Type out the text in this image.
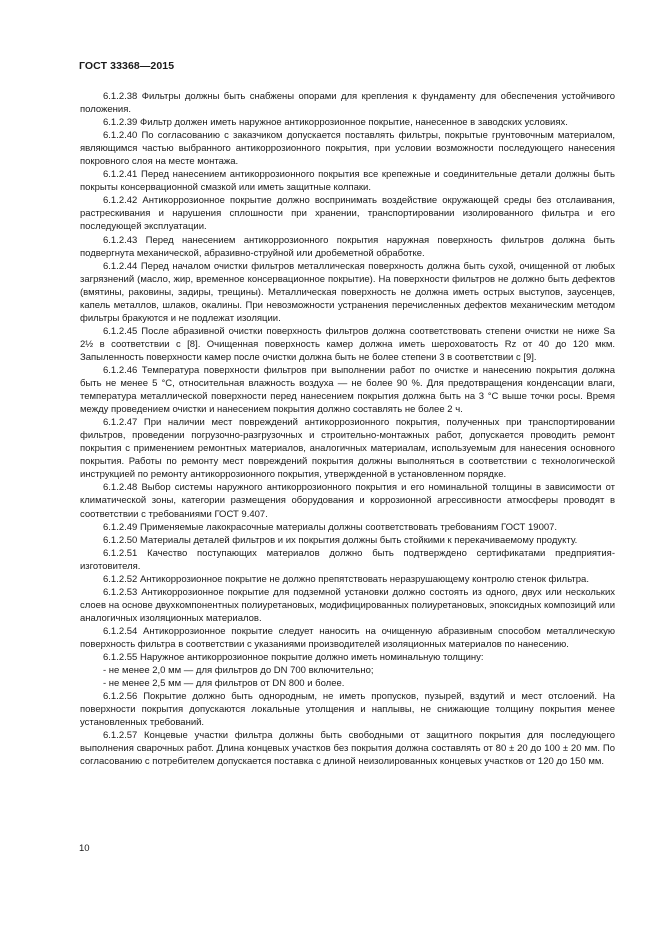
ГОСТ 33368—2015

6.1.2.38 Фильтры должны быть снабжены опорами для крепления к фундаменту для обеспечения устойчивого положения.

6.1.2.39 Фильтр должен иметь наружное антикоррозионное покрытие, нанесенное в заводских условиях.

6.1.2.40 По согласованию с заказчиком допускается поставлять фильтры, покрытые грунтовочным материалом, являющимся частью выбранного антикоррозионного покрытия, при условии возможности последующего нанесения покровного слоя на месте монтажа.

6.1.2.41 Перед нанесением антикоррозионного покрытия все крепежные и соединительные детали должны быть покрыты консервационной смазкой или иметь защитные колпаки.

6.1.2.42 Антикоррозионное покрытие должно воспринимать воздействие окружающей среды без отслаивания, растрескивания и нарушения сплошности при хранении, транспортировании изолированного фильтра и его последующей эксплуатации.

6.1.2.43 Перед нанесением антикоррозионного покрытия наружная поверхность фильтров должна быть подвергнута механической, абразивно-струйной или дробеметной обработке.

6.1.2.44 Перед началом очистки фильтров металлическая поверхность должна быть сухой, очищенной от любых загрязнений (масло, жир, временное консервационное покрытие). На поверхности фильтров не должно быть дефектов (вмятины, раковины, задиры, трещины). Металлическая поверхность не должна иметь острых выступов, заусенцев, капель металлов, шлаков, окалины. При невозможности устранения перечисленных дефектов механическим методом фильтры бракуются и не подлежат изоляции.

6.1.2.45 После абразивной очистки поверхность фильтров должна соответствовать степени очистки не ниже Sa 2½ в соответствии с [8]. Очищенная поверхность камер должна иметь шероховатость Rz от 40 до 120 мкм. Запыленность поверхности камер после очистки должна быть не более степени 3 в соответствии с [9].

6.1.2.46 Температура поверхности фильтров при выполнении работ по очистке и нанесению покрытия должна быть не менее 5 °С, относительная влажность воздуха — не более 90 %. Для предотвращения конденсации влаги, температура металлической поверхности перед нанесением покрытия должна быть на 3 °С выше точки росы. Время между проведением очистки и нанесением покрытия должно составлять не более 2 ч.

6.1.2.47 При наличии мест повреждений антикоррозионного покрытия, полученных при транспортировании фильтров, проведении погрузочно-разгрузочных и строительно-монтажных работ, допускается проводить ремонт покрытия с применением ремонтных материалов, аналогичных материалам, используемым для нанесения основного покрытия. Работы по ремонту мест повреждений покрытия должны выполняться в соответствии с технологической инструкцией по ремонту антикоррозионного покрытия, утвержденной в установленном порядке.

6.1.2.48 Выбор системы наружного антикоррозионного покрытия и его номинальной толщины в зависимости от климатической зоны, категории размещения оборудования и коррозионной агрессивности атмосферы проводят в соответствии с требованиями ГОСТ 9.407.

6.1.2.49 Применяемые лакокрасочные материалы должны соответствовать требованиям ГОСТ 19007.

6.1.2.50 Материалы деталей фильтров и их покрытия должны быть стойкими к перекачиваемому продукту.

6.1.2.51 Качество поступающих материалов должно быть подтверждено сертификатами предприятия-изготовителя.

6.1.2.52 Антикоррозионное покрытие не должно препятствовать неразрушающему контролю стенок фильтра.

6.1.2.53 Антикоррозионное покрытие для подземной установки должно состоять из одного, двух или нескольких слоев на основе двухкомпонентных полиуретановых, модифицированных полиуретановых, эпоксидных композиций или аналогичных изоляционных материалов.

6.1.2.54 Антикоррозионное покрытие следует наносить на очищенную абразивным способом металлическую поверхность фильтра в соответствии с указаниями производителей изоляционных материалов по нанесению.

6.1.2.55 Наружное антикоррозионное покрытие должно иметь номинальную толщину:

- не менее 2,0 мм — для фильтров до DN 700 включительно;

- не менее 2,5 мм — для фильтров от DN 800 и более.

6.1.2.56 Покрытие должно быть однородным, не иметь пропусков, пузырей, вздутий и мест отслоений. На поверхности покрытия допускаются локальные утолщения и наплывы, не снижающие толщину покрытия менее установленных требований.

6.1.2.57 Концевые участки фильтра должны быть свободными от защитного покрытия для последующего выполнения сварочных работ. Длина концевых участков без покрытия должна составлять от 80 ± 20 до 100 ± 20 мм. По согласованию с потребителем допускается поставка с длиной неизолированных концевых участков от 120 до 150 мм.

10
